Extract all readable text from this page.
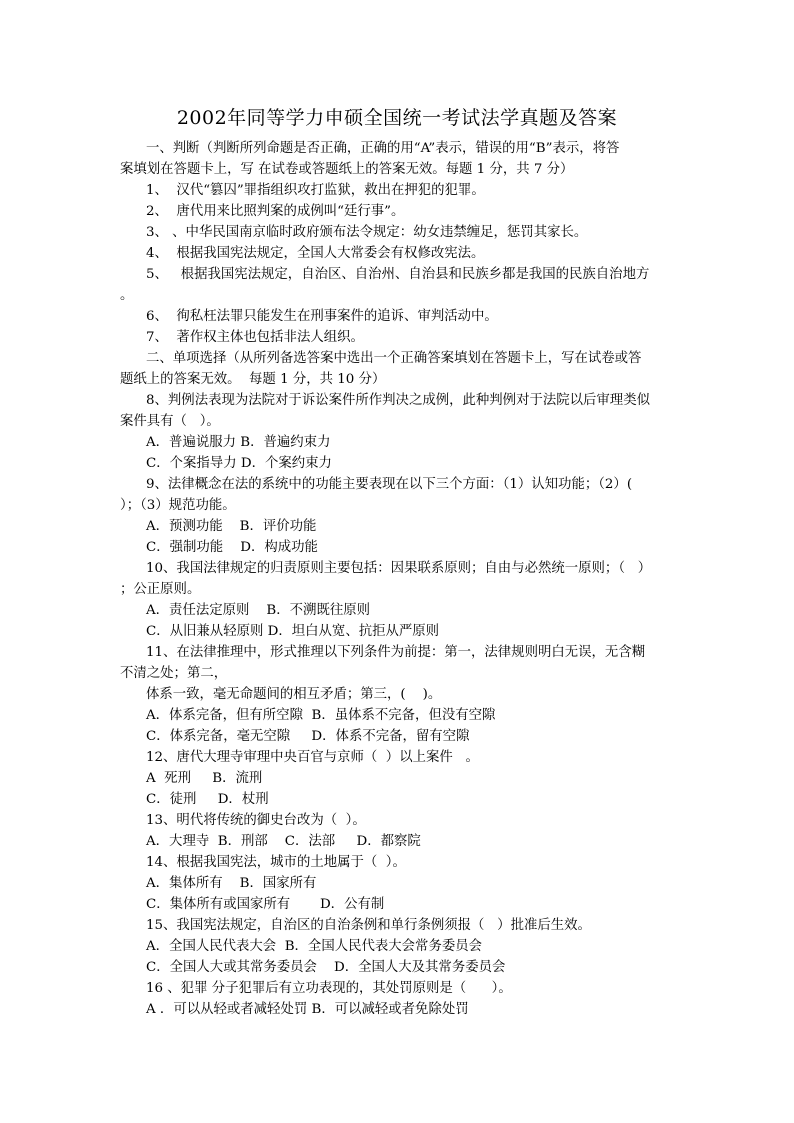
2002年同等学力申硕全国统一考试法学真题及答案

一、判断（判断所列命题是否正确，正确的用“A”表示，错误的用“B”表示，将答

案填划在答题卡上，写 在试卷或答题纸上的答案无效。每题 1 分，共 7 分）

1、  汉代“篡囚”罪指组织攻打监狱，救出在押犯的犯罪。

2、  唐代用来比照判案的成例叫“廷行事”。

3、 、中华民国南京临时政府颁布法令规定：幼女违禁缠足，惩罚其家长。

4、  根据我国宪法规定，全国人大常委会有权修改宪法。

5、   根据我国宪法规定，自治区、自治州、自治县和民族乡都是我国的民族自治地方

。

6、  徇私枉法罪只能发生在刑事案件的追诉、审判活动中。

7、  著作权主体也包括非法人组织。

二、单项选择（从所列备选答案中选出一个正确答案填划在答题卡上，写在试卷或答

题纸上的答案无效。  每题 1 分，共 10 分）

8、判例法表现为法院对于诉讼案件所作判决之成例，此种判例对于法院以后审理类似

案件具有（   ）。

A．普遍说服力 B．普遍约束力

C．个案指导力 D．个案约束力

9、法律概念在法的系统中的功能主要表现在以下三个方面：（1）认知功能；（2）(

）；（3）规范功能。

A．预测功能    B．评价功能

C．强制功能    D．构成功能

10、我国法律规定的归责原则主要包括：因果联系原则；自由与必然统一原则；（   ）

；公正原则。

A．责任法定原则    B．不溯既往原则

C．从旧兼从轻原则 D．坦白从宽、抗拒从严原则

11、在法律推理中，形式推理以下列条件为前提：第一，法律规则明白无误，无含糊

不清之处；第二，

体系一致，毫无命题间的相互矛盾；第三，(    )。

A．体系完备，但有所空隙  B．虽体系不完备，但没有空隙

C．体系完备，毫无空隙     D．体系不完备，留有空隙

12、唐代大理寺审理中央百官与京师（  ）以上案件   。

A  死刑     B．流刑

C．徒刑     D．杖刑

13、明代将传统的御史台改为（  ）。

A．大理寺  B．刑部    C．法部     D．都察院

14、根据我国宪法，城市的土地属于（  ）。

A．集体所有    B．国家所有

C．集体所有或国家所有       D．公有制

15、我国宪法规定，自治区的自治条例和单行条例须报（   ）批准后生效。

A．全国人民代表大会  B．全国人民代表大会常务委员会

C．全国人大或其常务委员会    D．全国人大及其常务委员会

16 、犯罪 分子犯罪后有立功表现的，其处罚原则是（      ）。

A ．可以从轻或者减轻处罚 B．可以减轻或者免除处罚
